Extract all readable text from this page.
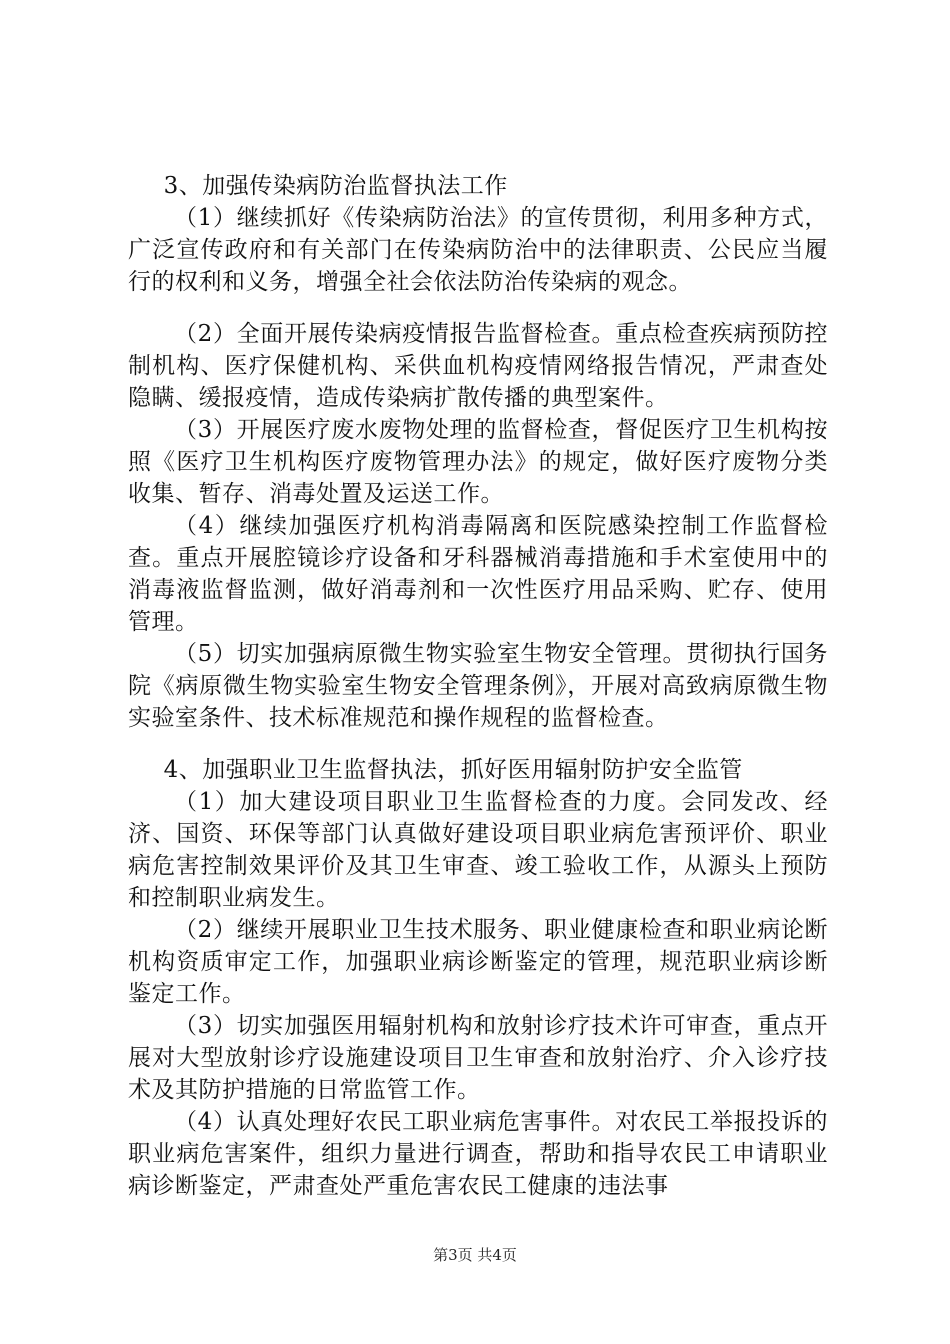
3、加强传染病防治监督执法工作

（1）继续抓好《传染病防治法》的宣传贯彻，利用多种方式，广泛宣传政府和有关部门在传染病防治中的法律职责、公民应当履行的权利和义务，增强全社会依法防治传染病的观念。

（2）全面开展传染病疫情报告监督检查。重点检查疾病预防控制机构、医疗保健机构、采供血机构疫情网络报告情况，严肃查处隐瞒、缓报疫情，造成传染病扩散传播的典型案件。

（3）开展医疗废水废物处理的监督检查，督促医疗卫生机构按照《医疗卫生机构医疗废物管理办法》的规定，做好医疗废物分类收集、暂存、消毒处置及运送工作。

（4）继续加强医疗机构消毒隔离和医院感染控制工作监督检查。重点开展腔镜诊疗设备和牙科器械消毒措施和手术室使用中的消毒液监督监测，做好消毒剂和一次性医疗用品采购、贮存、使用管理。

（5）切实加强病原微生物实验室生物安全管理。贯彻执行国务院《病原微生物实验室生物安全管理条例》，开展对高致病原微生物实验室条件、技术标准规范和操作规程的监督检查。

4、加强职业卫生监督执法，抓好医用辐射防护安全监管

（1）加大建设项目职业卫生监督检查的力度。会同发改、经济、国资、环保等部门认真做好建设项目职业病危害预评价、职业病危害控制效果评价及其卫生审查、竣工验收工作，从源头上预防和控制职业病发生。

（2）继续开展职业卫生技术服务、职业健康检查和职业病论断机构资质审定工作，加强职业病诊断鉴定的管理，规范职业病诊断鉴定工作。

（3）切实加强医用辐射机构和放射诊疗技术许可审查，重点开展对大型放射诊疗设施建设项目卫生审查和放射治疗、介入诊疗技术及其防护措施的日常监管工作。

（4）认真处理好农民工职业病危害事件。对农民工举报投诉的职业病危害案件，组织力量进行调查，帮助和指导农民工申请职业病诊断鉴定，严肃查处严重危害农民工健康的违法事

第3页 共4页
